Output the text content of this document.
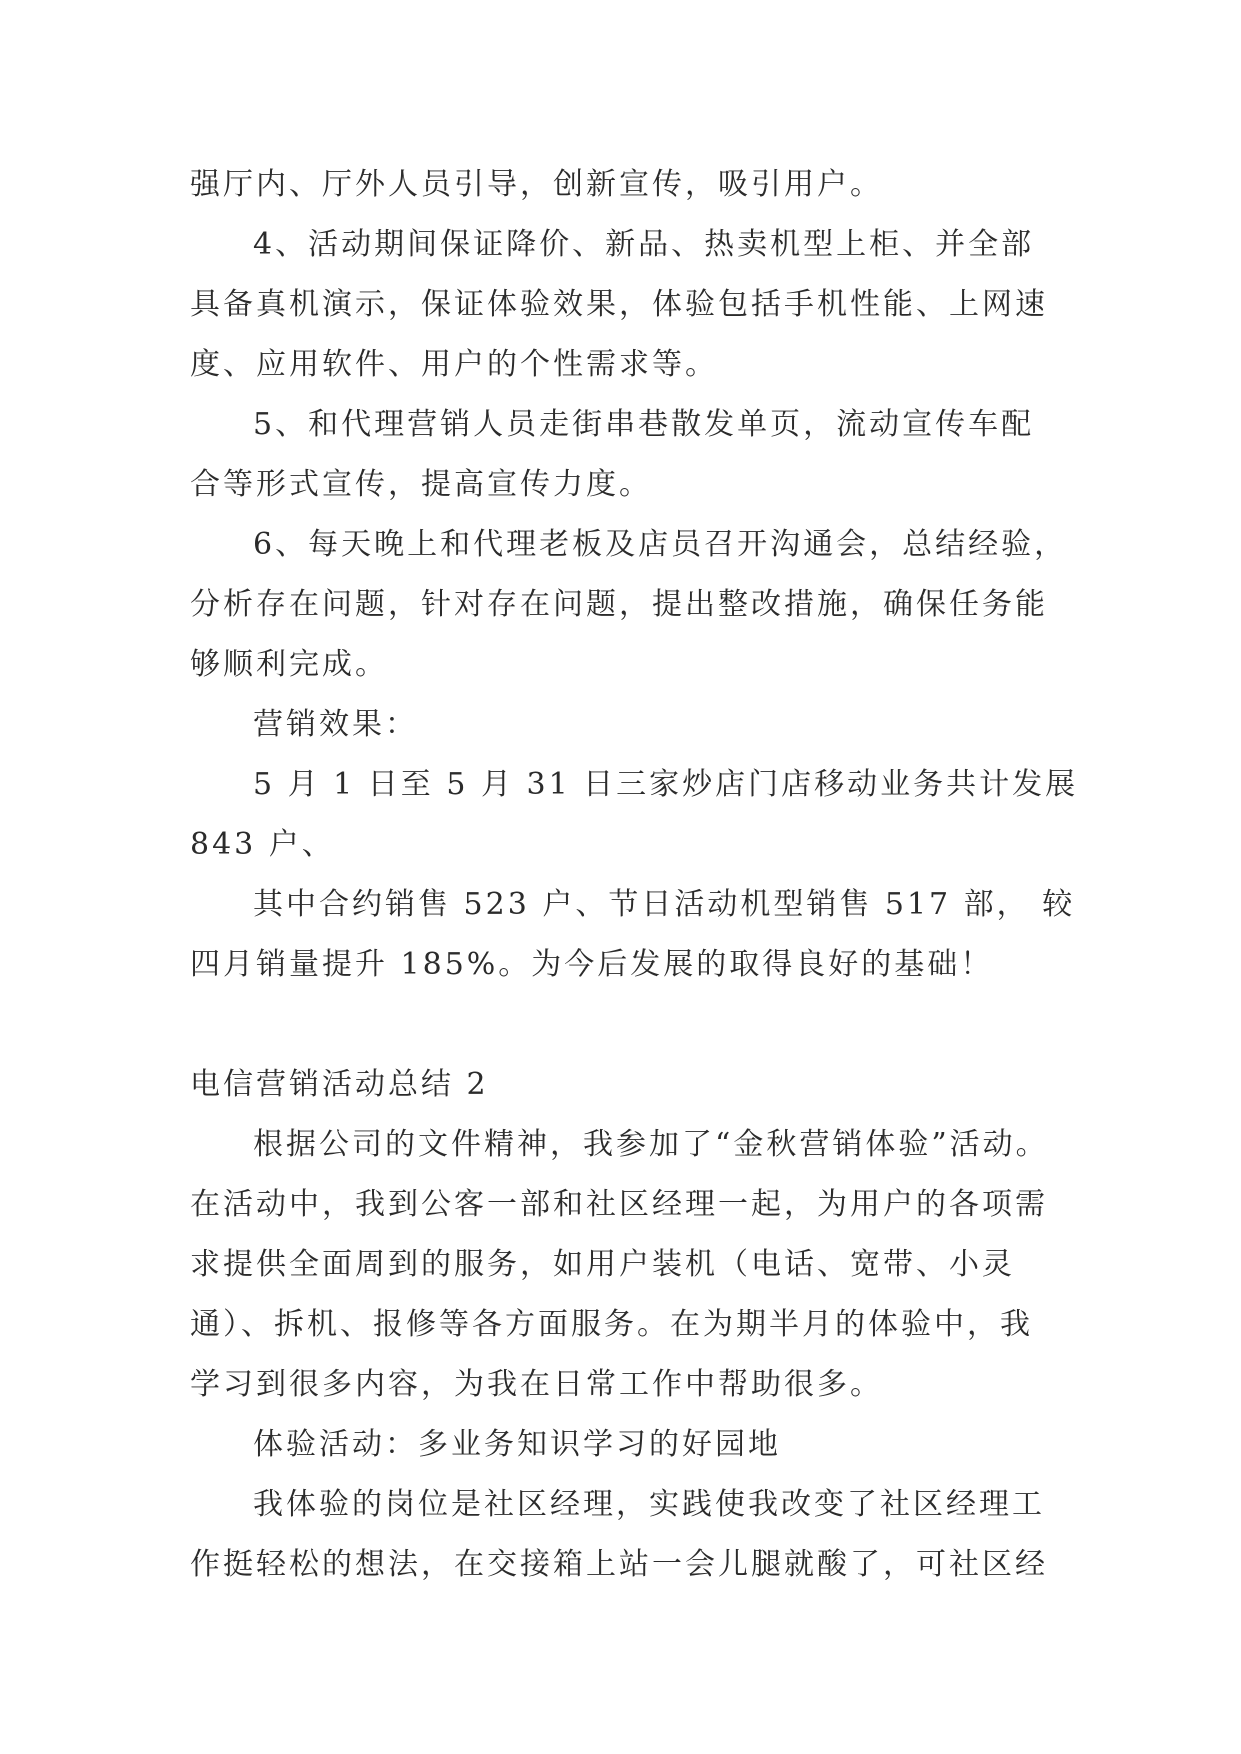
强厅内、厅外人员引导，创新宣传，吸引用户。
4、活动期间保证降价、新品、热卖机型上柜、并全部
具备真机演示，保证体验效果，体验包括手机性能、上网速
度、应用软件、用户的个性需求等。
5、和代理营销人员走街串巷散发单页，流动宣传车配
合等形式宣传，提高宣传力度。
6、每天晚上和代理老板及店员召开沟通会，总结经验，
分析存在问题，针对存在问题，提出整改措施，确保任务能
够顺利完成。
营销效果：
5 月 1 日至 5 月 31 日三家炒店门店移动业务共计发展
843 户、
其中合约销售 523 户、节日活动机型销售 517 部， 较
四月销量提升 185%。为今后发展的取得良好的基础！
电信营销活动总结 2
根据公司的文件精神，我参加了“金秋营销体验”活动。
在活动中，我到公客一部和社区经理一起，为用户的各项需
求提供全面周到的服务，如用户装机（电话、宽带、小灵
通）、拆机、报修等各方面服务。在为期半月的体验中，我
学习到很多内容，为我在日常工作中帮助很多。
体验活动：多业务知识学习的好园地
我体验的岗位是社区经理，实践使我改变了社区经理工
作挺轻松的想法，在交接箱上站一会儿腿就酸了，可社区经
